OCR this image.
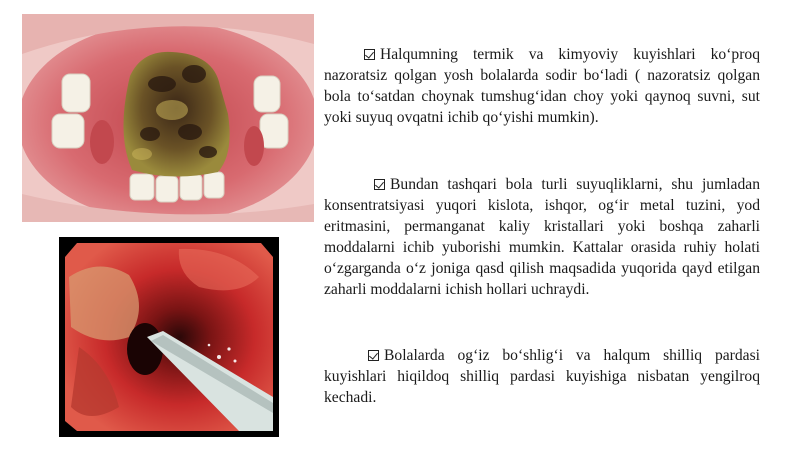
Halqumning termik va kimyoviy kuyishlari ko‘proq nazoratsiz qolgan yosh bolalarda sodir bo‘ladi ( nazoratsiz qolgan bola to‘satdan choynak tumshug‘idan choy yoki qaynoq suvni, sut yoki suyuq ovqatni ichib qo‘yishi mumkin).

Bundan tashqari bola turli suyuqliklarni, shu jumladan konsentratsiyasi yuqori kislota, ishqor, og‘ir metal tuzini, yod eritmasini, permanganat kaliy kristallari yoki boshqa zaharli moddalarni ichib yuborishi mumkin. Kattalar orasida ruhiy holati o‘zgarganda o‘z joniga qasd qilish maqsadida yuqorida qayd etilgan zaharli moddalarni ichish hollari uchraydi.

Bolalarda og‘iz bo‘shlig‘i va halqum shilliq pardasi kuyishlari hiqildoq shilliq pardasi kuyishiga nisbatan yengilroq kechadi.
